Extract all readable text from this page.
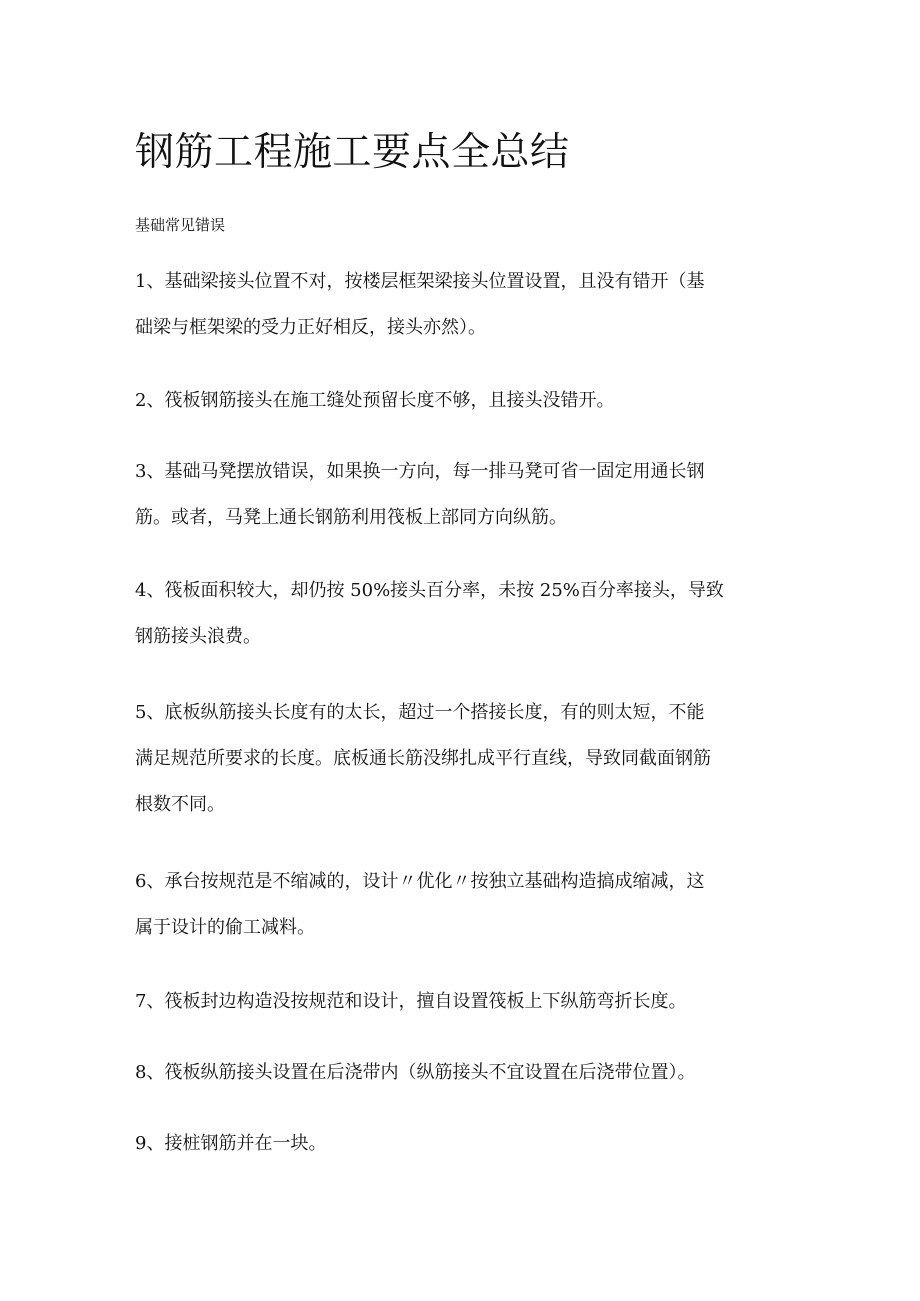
钢筋工程施工要点全总结
基础常见错误

1、基础梁接头位置不对，按楼层框架梁接头位置设置，且没有错开（基
础梁与框架梁的受力正好相反，接头亦然）。

2、筏板钢筋接头在施工缝处预留长度不够，且接头没错开。

3、基础马凳摆放错误，如果换一方向，每一排马凳可省一固定用通长钢
筋。或者，马凳上通长钢筋利用筏板上部同方向纵筋。

4、筏板面积较大，却仍按 50%接头百分率，未按 25%百分率接头，导致
钢筋接头浪费。

5、底板纵筋接头长度有的太长，超过一个搭接长度，有的则太短，不能
满足规范所要求的长度。底板通长筋没绑扎成平行直线，导致同截面钢筋
根数不同。

6、承台按规范是不缩减的，设计〃优化〃按独立基础构造搞成缩减，这
属于设计的偷工减料。

7、筏板封边构造没按规范和设计，擅自设置筏板上下纵筋弯折长度。

8、筏板纵筋接头设置在后浇带内（纵筋接头不宜设置在后浇带位置）。

9、接桩钢筋并在一块。
